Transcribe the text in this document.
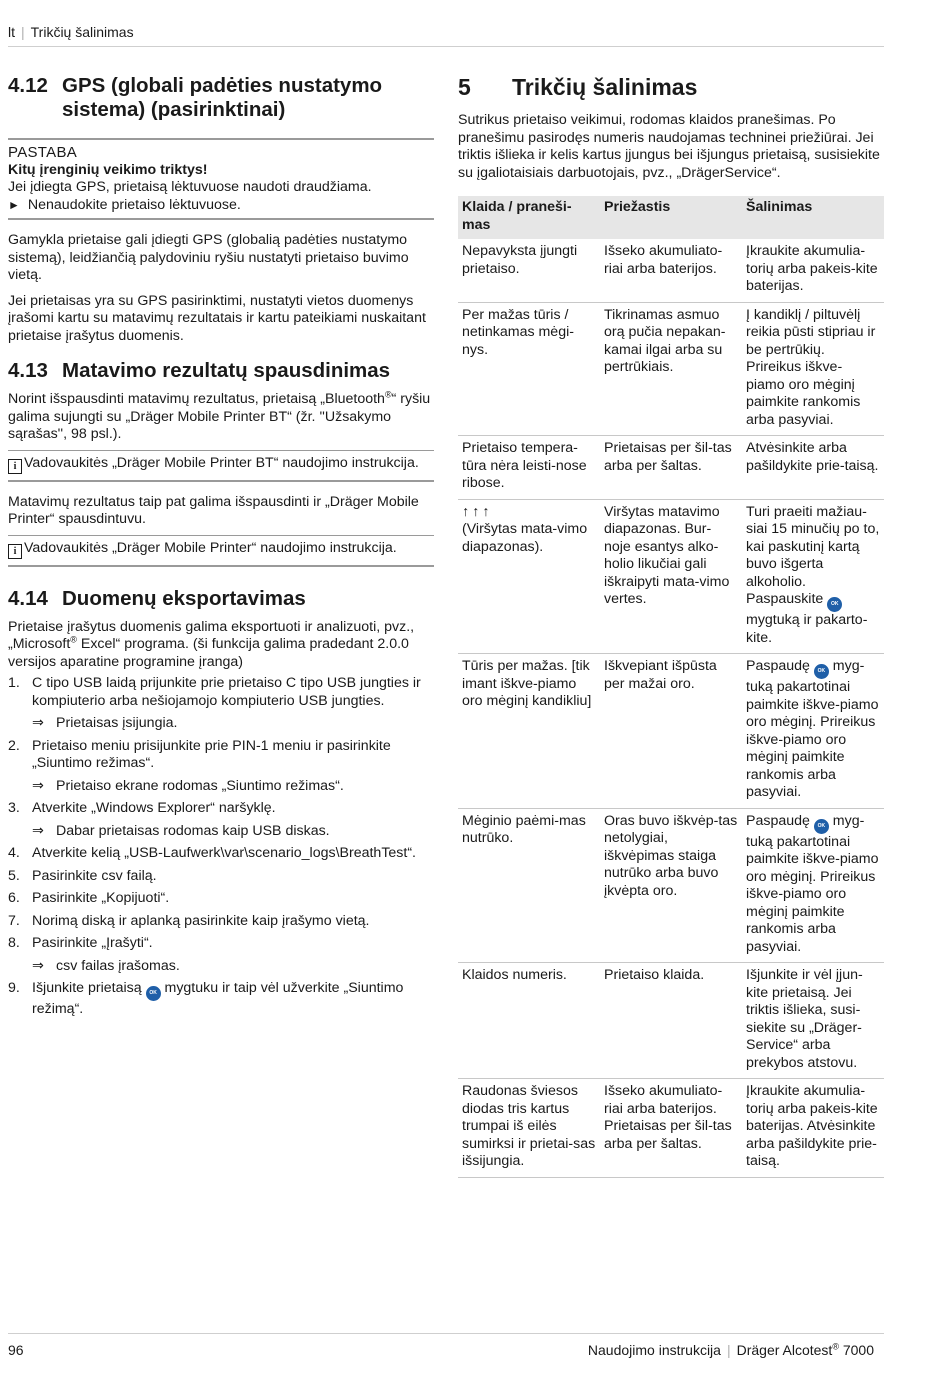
lt | Trikčių šalinimas
4.12 GPS (globali padėties nustatymo sistema) (pasirinktinai)
PASTABA
Kitų įrenginių veikimo triktys!
Jei įdiegta GPS, prietaisą lėktuvuose naudoti draudžiama.
► Nenaudokite prietaiso lėktuvuose.

Gamykla prietaise gali įdiegti GPS (globalią padėties nustatymo sistemą), leidžiančią palydoviniu ryšiu nustatyti prietaiso buvimo vietą.

Jei prietaisas yra su GPS pasirinktimi, nustatyti vietos duomenys įrašomi kartu su matavimų rezultatais ir kartu pateikiami nuskaitant prietaise įrašytus duomenis.

4.13 Matavimo rezultatų spausdinimas

Norint išspausdinti matavimų rezultatus, prietaisą „Bluetooth®“ ryšiu galima sujungti su „Dräger Mobile Printer BT“ (žr. ''Užsakymo sąrašas'', 98 psl.).

i Vadovaukitės „Dräger Mobile Printer BT“ naudojimo instrukcija.

Matavimų rezultatus taip pat galima išspausdinti ir „Dräger Mobile Printer“ spausdintuvu.

i Vadovaukitės „Dräger Mobile Printer“ naudojimo instrukcija.
4.14 Duomenų eksportavimas

Prietaise įrašytus duomenis galima eksportuoti ir analizuoti, pvz., „Microsoft® Excel“ programa. (ši funkcija galima pradedant 2.0.0 versijos aparatine programine įranga)

1. C tipo USB laidą prijunkite prie prietaiso C tipo USB jungties ir kompiuterio arba nešiojamojo kompiuterio USB jungties.
⇒ Prietaisas įsijungia.
2. Prietaiso meniu prisijunkite prie PIN-1 meniu ir pasirinkite „Siuntimo režimas“.
⇒ Prietaiso ekrane rodomas „Siuntimo režimas“.
3. Atverkite „Windows Explorer“ naršyklę.
⇒ Dabar prietaisas rodomas kaip USB diskas.
4. Atverkite kelią „USB-Laufwerk\var\scenario_logs\BreathTest“.
5. Pasirinkite csv failą.
6. Pasirinkite „Kopijuoti“.
7. Norimą diską ir aplanką pasirinkite kaip įrašymo vietą.
8. Pasirinkite „Įrašyti“.
⇒ csv failas įrašomas.
9. Išjunkite prietaisą OK mygtuku ir taip vėl užverkite „Siuntimo režimą“.
5	Trikčių šalinimas

Sutrikus prietaiso veikimui, rodomas klaidos pranešimas. Po pranešimu pasirodęs numeris naudojamas techninei priežiūrai. Jei triktis išlieka ir kelis kartus įjungus bei išjungus prietaisą, susisiekite su įgaliotaisiais darbuotojais, pvz., „DrägerService“.

Klaida / praneši-mas	Priežastis	Šalinimas
Nepavyksta įjungti prietaiso.	Išseko akumuliato-riai arba baterijos.	Įkraukite akumulia-torių arba pakeis-kite baterijas.
Per mažas tūris / netinkamas mėgi-nys.	Tikrinamas asmuo orą pučia nepakan-kamai ilgai arba su pertrūkiais.	Į kandiklį / piltuvėlį reikia pūsti stipriau ir be pertrūkių. Prireikus iškve-piamo oro mėginį paimkite rankomis arba pasyviai.
Prietaiso tempera-tūra nėra leisti-nose ribose.	Prietaisas per šil-tas arba per šaltas.	Atvėsinkite arba pašildykite prie-taisą.

↑↑↑
(Viršytas mata-vimo diapazonas).	Viršytas matavimo diapazonas. Bur-noje esantys alko-holio likučiai gali iškraipyti mata-vimo vertes.	Turi praeiti mažiau-siai 15 minučių po to, kai paskutinį kartą buvo išgerta alkoholio. Paspauskite OK mygtuką ir pakarto-kite.
Tūris per mažas. [tik imant iškve-piamo oro mėginį kandikliu]	Iškvepiant išpūsta per mažai oro.	Paspaudę OK myg-tuką pakartotinai paimkite iškve-piamo oro mėginį. Prireikus iškve-piamo oro mėginį paimkite rankomis arba pasyviai.
Mėginio paėmi-mas nutrūko.	Oras buvo iškvėp-tas netolygiai, iškvėpimas staiga nutrūko arba buvo įkvėpta oro.	Paspaudę OK myg-tuką pakartotinai paimkite iškve-piamo oro mėginį. Prireikus iškve-piamo oro mėginį paimkite rankomis arba pasyviai.
Klaidos numeris.	Prietaiso klaida.	Išjunkite ir vėl įjun-kite prietaisą. Jei triktis išlieka, susi-siekite su „Dräger-Service“ arba prekybos atstovu.
Raudonas šviesos diodas tris kartus trumpai iš eilės sumirksi ir prietai-sas išsijungia.	Išseko akumuliato-riai arba baterijos. Prietaisas per šil-tas arba per šaltas.	Įkraukite akumulia-torių arba pakeis-kite baterijas. Atvėsinkite arba pašildykite prie-taisą.
96	Naudojimo instrukcija | Dräger Alcotest® 7000
